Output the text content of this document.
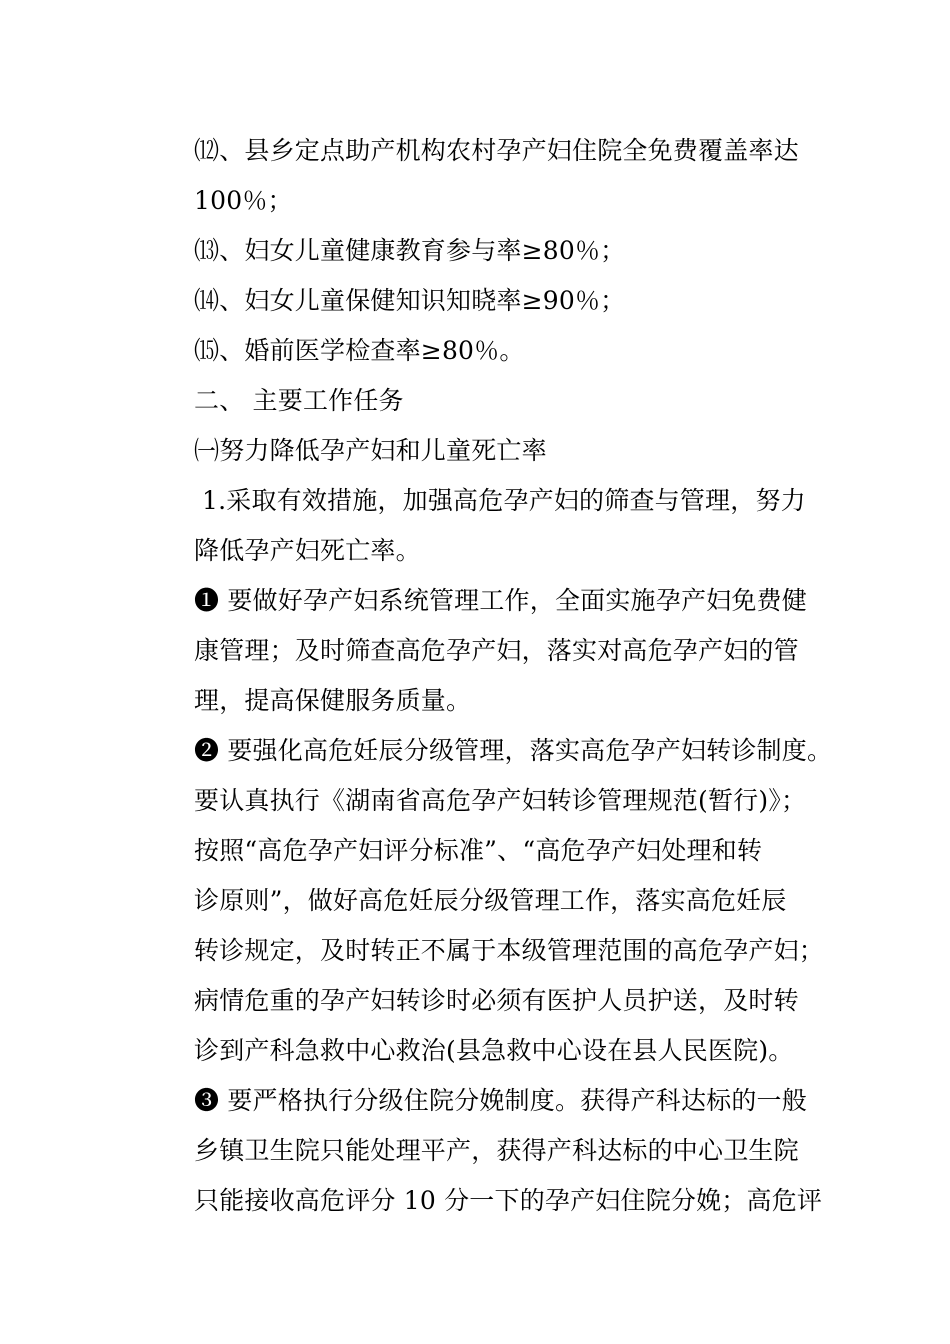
⑿、县乡定点助产机构农村孕产妇住院全免费覆盖率达
100％；
⒀、妇女儿童健康教育参与率≥80％；
⒁、妇女儿童保健知识知晓率≥90％；
⒂、婚前医学检查率≥80％。
二、 主要工作任务
㈠努力降低孕产妇和儿童死亡率
1.采取有效措施，加强高危孕产妇的筛查与管理，努力
降低孕产妇死亡率。
❶ 要做好孕产妇系统管理工作，全面实施孕产妇免费健
康管理；及时筛查高危孕产妇，落实对高危孕产妇的管
理，提高保健服务质量。
❷ 要强化高危妊辰分级管理，落实高危孕产妇转诊制度。
要认真执行《湖南省高危孕产妇转诊管理规范(暂行)》；
按照“高危孕产妇评分标准”、“高危孕产妇处理和转
诊原则”，做好高危妊辰分级管理工作，落实高危妊辰
转诊规定，及时转正不属于本级管理范围的高危孕产妇；
病情危重的孕产妇转诊时必须有医护人员护送，及时转
诊到产科急救中心救治(县急救中心设在县人民医院)。
❸ 要严格执行分级住院分娩制度。获得产科达标的一般
乡镇卫生院只能处理平产，获得产科达标的中心卫生院
只能接收高危评分 10 分一下的孕产妇住院分娩；高危评
